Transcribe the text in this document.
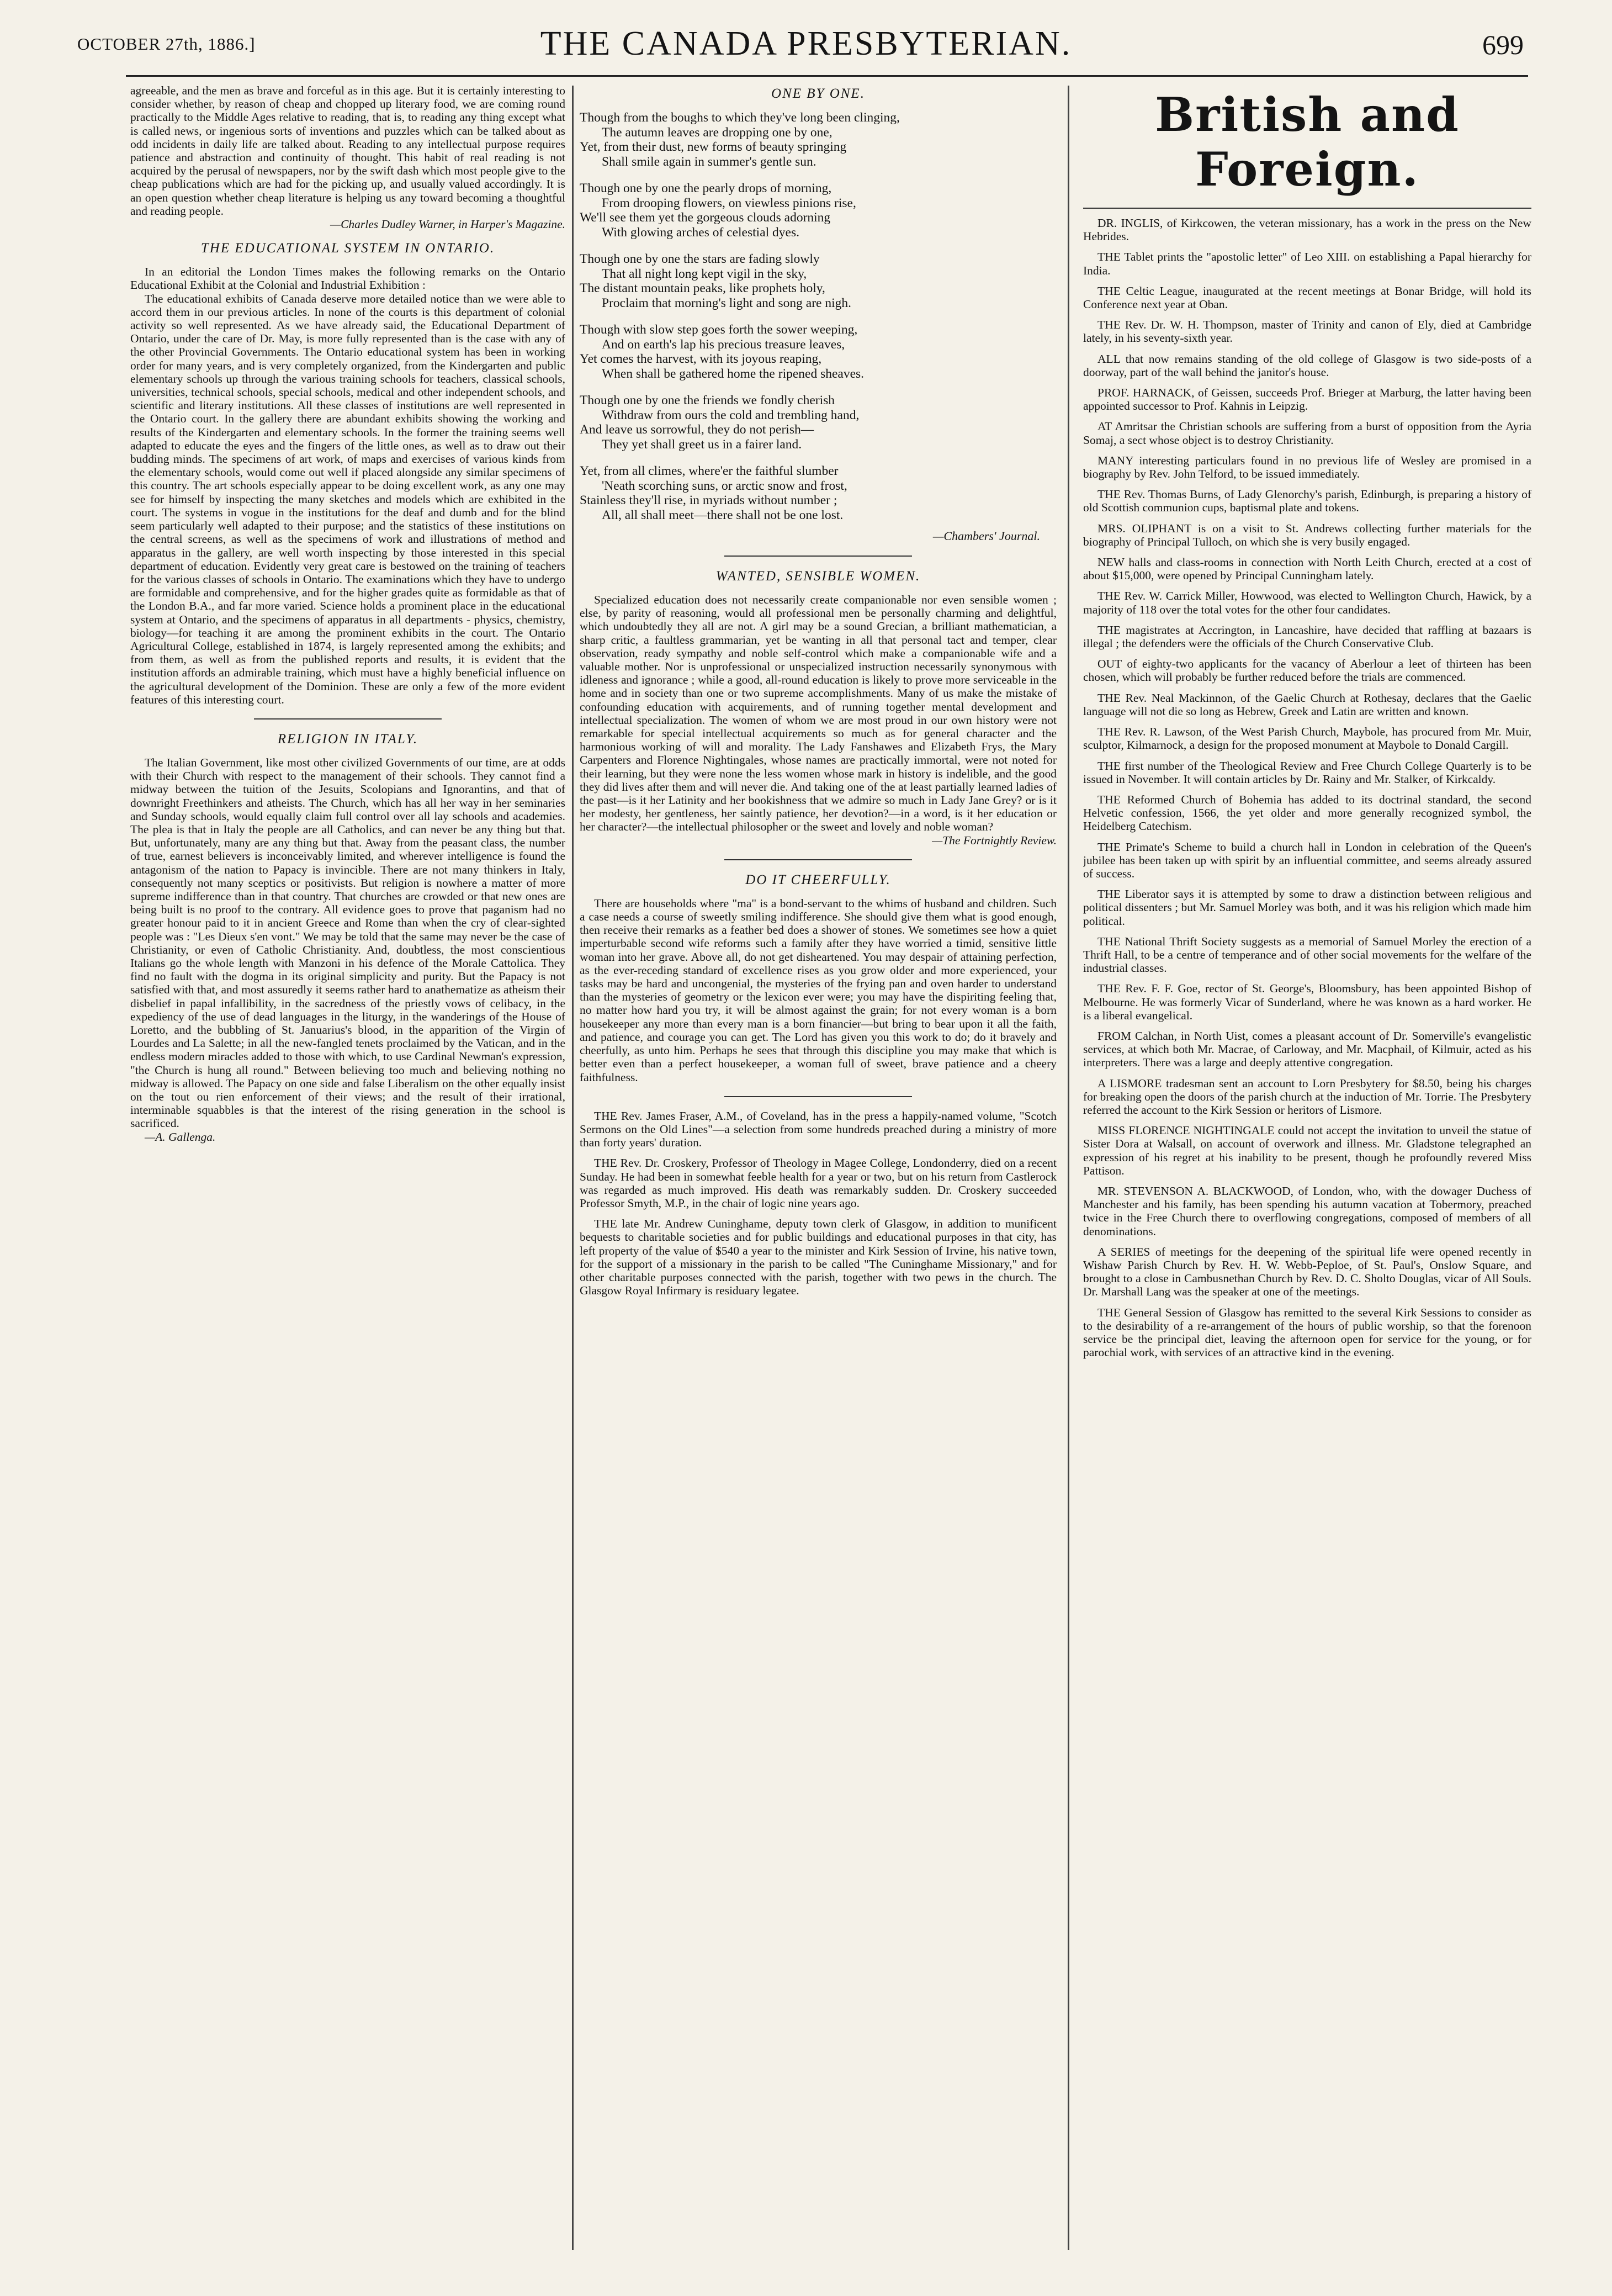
OCTOBER 27th, 1886.]	THE CANADA PRESBYTERIAN.	699

agreeable, and the men as brave and forceful as in this age. But it is certainly interesting to consider whether, by reason of cheap and chopped up literary food, we are coming round practically to the Middle Ages relative to reading, that is, to reading any thing except what is called news, or ingenious sorts of inventions and puzzles which can be talked about as odd incidents in daily life are talked about. Reading to any intellectual purpose requires patience and abstraction and continuity of thought. This habit of real reading is not acquired by the perusal of newspapers, nor by the swift dash which most people give to the cheap publications which are had for the picking up, and usually valued accordingly. It is an open question whether cheap literature is helping us any toward becoming a thoughtful and reading people.

—Charles Dudley Warner, in Harper's Magazine.

THE EDUCATIONAL SYSTEM IN ONTARIO.

In an editorial the London Times makes the following remarks on the Ontario Educational Exhibit at the Colonial and Industrial Exhibition :

The educational exhibits of Canada deserve more detailed notice than we were able to accord them in our previous articles. In none of the courts is this department of colonial activity so well represented. As we have already said, the Educational Department of Ontario, under the care of Dr. May, is more fully represented than is the case with any of the other Provincial Governments. The Ontario educational system has been in working order for many years, and is very completely organized, from the Kindergarten and public elementary schools up through the various training schools for teachers, classical schools, universities, technical schools, special schools, medical and other independent schools, and scientific and literary institutions. All these classes of institutions are well represented in the Ontario court. In the gallery there are abundant exhibits showing the working and results of the Kindergarten and elementary schools. In the former the training seems well adapted to educate the eyes and the fingers of the little ones, as well as to draw out their budding minds. The specimens of art work, of maps and exercises of various kinds from the elementary schools, would come out well if placed alongside any similar specimens of this country. The art schools especially appear to be doing excellent work, as any one may see for himself by inspecting the many sketches and models which are exhibited in the court. The systems in vogue in the institutions for the deaf and dumb and for the blind seem particularly well adapted to their purpose; and the statistics of these institutions on the central screens, as well as the specimens of work and illustrations of method and apparatus in the gallery, are well worth inspecting by those interested in this special department of education. Evidently very great care is bestowed on the training of teachers for the various classes of schools in Ontario. The examinations which they have to undergo are formidable and comprehensive, and for the higher grades quite as formidable as that of the London B.A., and far more varied. Science holds a prominent place in the educational system at Ontario, and the specimens of apparatus in all departments - physics, chemistry, biology—for teaching it are among the prominent exhibits in the court. The Ontario Agricultural College, established in 1874, is largely represented among the exhibits; and from them, as well as from the published reports and results, it is evident that the institution affords an admirable training, which must have a highly beneficial influence on the agricultural development of the Dominion. These are only a few of the more evident features of this interesting court.

RELIGION IN ITALY.

The Italian Government, like most other civilized Governments of our time, are at odds with their Church with respect to the management of their schools. They cannot find a midway between the tuition of the Jesuits, Scolopians and Ignorantins, and that of downright Freethinkers and atheists. The Church, which has all her way in her seminaries and Sunday schools, would equally claim full control over all lay schools and academies. The plea is that in Italy the people are all Catholics, and can never be any thing but that. But, unfortunately, many are any thing but that. Away from the peasant class, the number of true, earnest believers is inconceivably limited, and wherever intelligence is found the antagonism of the nation to Papacy is invincible. There are not many thinkers in Italy, consequently not many sceptics or positivists. But religion is nowhere a matter of more supreme indifference than in that country. That churches are crowded or that new ones are being built is no proof to the contrary. All evidence goes to prove that paganism had no greater honour paid to it in ancient Greece and Rome than when the cry of clear-sighted people was : "Les Dieux s'en vont." We may be told that the same may never be the case of Christianity, or even of Catholic Christianity. And, doubtless, the most conscientious Italians go the whole length with Manzoni in his defence of the Morale Cattolica. They find no fault with the dogma in its original simplicity and purity. But the Papacy is not satisfied with that, and most assuredly it seems rather hard to anathematize as atheism their disbelief in papal infallibility, in the sacredness of the priestly vows of celibacy, in the expediency of the use of dead languages in the liturgy, in the wanderings of the House of Loretto, and the bubbling of St. Januarius's blood, in the apparition of the Virgin of Lourdes and La Salette; in all the new-fangled tenets proclaimed by the Vatican, and in the endless modern miracles added to those with which, to use Cardinal Newman's expression, "the Church is hung all round." Between believing too much and believing nothing no midway is allowed. The Papacy on one side and false Liberalism on the other equally insist on the tout ou rien enforcement of their views; and the result of their irrational, interminable squabbles is that the interest of the rising generation in the school is sacrificed.

—A. Gallenga.

ONE BY ONE.
Though from the boughs to which they've long been clinging,
The autumn leaves are dropping one by one,
Yet, from their dust, new forms of beauty springing
Shall smile again in summer's gentle sun.
Though one by one the pearly drops of morning,
From drooping flowers, on viewless pinions rise,
We'll see them yet the gorgeous clouds adorning
With glowing arches of celestial dyes.
Though one by one the stars are fading slowly
That all night long kept vigil in the sky,
The distant mountain peaks, like prophets holy,
Proclaim that morning's light and song are nigh.
Though with slow step goes forth the sower weeping,
And on earth's lap his precious treasure leaves,
Yet comes the harvest, with its joyous reaping,
When shall be gathered home the ripened sheaves.
Though one by one the friends we fondly cherish
Withdraw from ours the cold and trembling hand,
And leave us sorrowful, they do not perish—
They yet shall greet us in a fairer land.
Yet, from all climes, where'er the faithful slumber
'Neath scorching suns, or arctic snow and frost,
Stainless they'll rise, in myriads without number ;
All, all shall meet—there shall not be one lost.
—Chambers' Journal.
WANTED, SENSIBLE WOMEN.

Specialized education does not necessarily create companionable nor even sensible women ; else, by parity of reasoning, would all professional men be personally charming and delightful, which undoubtedly they all are not. A girl may be a sound Grecian, a brilliant mathematician, a sharp critic, a faultless grammarian, yet be wanting in all that personal tact and temper, clear observation, ready sympathy and noble self-control which make a companionable wife and a valuable mother. Nor is unprofessional or unspecialized instruction necessarily synonymous with idleness and ignorance ; while a good, all-round education is likely to prove more serviceable in the home and in society than one or two supreme accomplishments. Many of us make the mistake of confounding education with acquirements, and of running together mental development and intellectual specialization. The women of whom we are most proud in our own history were not remarkable for special intellectual acquirements so much as for general character and the harmonious working of will and morality. The Lady Fanshawes and Elizabeth Frys, the Mary Carpenters and Florence Nightingales, whose names are practically immortal, were not noted for their learning, but they were none the less women whose mark in history is indelible, and the good they did lives after them and will never die. And taking one of the at least partially learned ladies of the past—is it her Latinity and her bookishness that we admire so much in Lady Jane Grey? or is it her modesty, her gentleness, her saintly patience, her devotion?—in a word, is it her education or her character?—the intellectual philosopher or the sweet and lovely and noble woman?

—The Fortnightly Review.

DO IT CHEERFULLY.

There are households where "ma" is a bond-servant to the whims of husband and children. Such a case needs a course of sweetly smiling indifference. She should give them what is good enough, then receive their remarks as a feather bed does a shower of stones. We sometimes see how a quiet imperturbable second wife reforms such a family after they have worried a timid, sensitive little woman into her grave. Above all, do not get disheartened. You may despair of attaining perfection, as the ever-receding standard of excellence rises as you grow older and more experienced, your tasks may be hard and uncongenial, the mysteries of the frying pan and oven harder to understand than the mysteries of geometry or the lexicon ever were; you may have the dispiriting feeling that, no matter how hard you try, it will be almost against the grain; for not every woman is a born housekeeper any more than every man is a born financier—but bring to bear upon it all the faith, and patience, and courage you can get. The Lord has given you this work to do; do it bravely and cheerfully, as unto him. Perhaps he sees that through this discipline you may make that which is better even than a perfect housekeeper, a woman full of sweet, brave patience and a cheery faithfulness.

THE Rev. James Fraser, A.M., of Coveland, has in the press a happily-named volume, "Scotch Sermons on the Old Lines"—a selection from some hundreds preached during a ministry of more than forty years' duration.

THE Rev. Dr. Croskery, Professor of Theology in Magee College, Londonderry, died on a recent Sunday. He had been in somewhat feeble health for a year or two, but on his return from Castlerock was regarded as much improved. His death was remarkably sudden. Dr. Croskery succeeded Professor Smyth, M.P., in the chair of logic nine years ago.

THE late Mr. Andrew Cuninghame, deputy town clerk of Glasgow, in addition to munificent bequests to charitable societies and for public buildings and educational purposes in that city, has left property of the value of $540 a year to the minister and Kirk Session of Irvine, his native town, for the support of a missionary in the parish to be called "The Cuninghame Missionary," and for other charitable purposes connected with the parish, together with two pews in the church. The Glasgow Royal Infirmary is residuary legatee.

British and Foreign.

DR. INGLIS, of Kirkcowen, the veteran missionary, has a work in the press on the New Hebrides.

THE Tablet prints the "apostolic letter" of Leo XIII. on establishing a Papal hierarchy for India.

THE Celtic League, inaugurated at the recent meetings at Bonar Bridge, will hold its Conference next year at Oban.

THE Rev. Dr. W. H. Thompson, master of Trinity and canon of Ely, died at Cambridge lately, in his seventy-sixth year.

ALL that now remains standing of the old college of Glasgow is two side-posts of a doorway, part of the wall behind the janitor's house.

PROF. HARNACK, of Geissen, succeeds Prof. Brieger at Marburg, the latter having been appointed successor to Prof. Kahnis in Leipzig.

AT Amritsar the Christian schools are suffering from a burst of opposition from the Ayria Somaj, a sect whose object is to destroy Christianity.

MANY interesting particulars found in no previous life of Wesley are promised in a biography by Rev. John Telford, to be issued immediately.

THE Rev. Thomas Burns, of Lady Glenorchy's parish, Edinburgh, is preparing a history of old Scottish communion cups, baptismal plate and tokens.

MRS. OLIPHANT is on a visit to St. Andrews collecting further materials for the biography of Principal Tulloch, on which she is very busily engaged.

NEW halls and class-rooms in connection with North Leith Church, erected at a cost of about $15,000, were opened by Principal Cunningham lately.

THE Rev. W. Carrick Miller, Howwood, was elected to Wellington Church, Hawick, by a majority of 118 over the total votes for the other four candidates.

THE magistrates at Accrington, in Lancashire, have decided that raffling at bazaars is illegal ; the defenders were the officials of the Church Conservative Club.

OUT of eighty-two applicants for the vacancy of Aberlour a leet of thirteen has been chosen, which will probably be further reduced before the trials are commenced.

THE Rev. Neal Mackinnon, of the Gaelic Church at Rothesay, declares that the Gaelic language will not die so long as Hebrew, Greek and Latin are written and known.

THE Rev. R. Lawson, of the West Parish Church, Maybole, has procured from Mr. Muir, sculptor, Kilmarnock, a design for the proposed monument at Maybole to Donald Cargill.

THE first number of the Theological Review and Free Church College Quarterly is to be issued in November. It will contain articles by Dr. Rainy and Mr. Stalker, of Kirkcaldy.

THE Reformed Church of Bohemia has added to its doctrinal standard, the second Helvetic confession, 1566, the yet older and more generally recognized symbol, the Heidelberg Catechism.

THE Primate's Scheme to build a church hall in London in celebration of the Queen's jubilee has been taken up with spirit by an influential committee, and seems already assured of success.

THE Liberator says it is attempted by some to draw a distinction between religious and political dissenters ; but Mr. Samuel Morley was both, and it was his religion which made him political.

THE National Thrift Society suggests as a memorial of Samuel Morley the erection of a Thrift Hall, to be a centre of temperance and of other social movements for the welfare of the industrial classes.

THE Rev. F. F. Goe, rector of St. George's, Bloomsbury, has been appointed Bishop of Melbourne. He was formerly Vicar of Sunderland, where he was known as a hard worker. He is a liberal evangelical.

FROM Calchan, in North Uist, comes a pleasant account of Dr. Somerville's evangelistic services, at which both Mr. Macrae, of Carloway, and Mr. Macphail, of Kilmuir, acted as his interpreters. There was a large and deeply attentive congregation.

A LISMORE tradesman sent an account to Lorn Presbytery for $8.50, being his charges for breaking open the doors of the parish church at the induction of Mr. Torrie. The Presbytery referred the account to the Kirk Session or heritors of Lismore.

MISS FLORENCE NIGHTINGALE could not accept the invitation to unveil the statue of Sister Dora at Walsall, on account of overwork and illness. Mr. Gladstone telegraphed an expression of his regret at his inability to be present, though he profoundly revered Miss Pattison.

MR. STEVENSON A. BLACKWOOD, of London, who, with the dowager Duchess of Manchester and his family, has been spending his autumn vacation at Tobermory, preached twice in the Free Church there to overflowing congregations, composed of members of all denominations.

A SERIES of meetings for the deepening of the spiritual life were opened recently in Wishaw Parish Church by Rev. H. W. Webb-Peploe, of St. Paul's, Onslow Square, and brought to a close in Cambusnethan Church by Rev. D. C. Sholto Douglas, vicar of All Souls. Dr. Marshall Lang was the speaker at one of the meetings.

THE General Session of Glasgow has remitted to the several Kirk Sessions to consider as to the desirability of a re-arrangement of the hours of public worship, so that the forenoon service be the principal diet, leaving the afternoon open for service for the young, or for parochial work, with services of an attractive kind in the evening.
